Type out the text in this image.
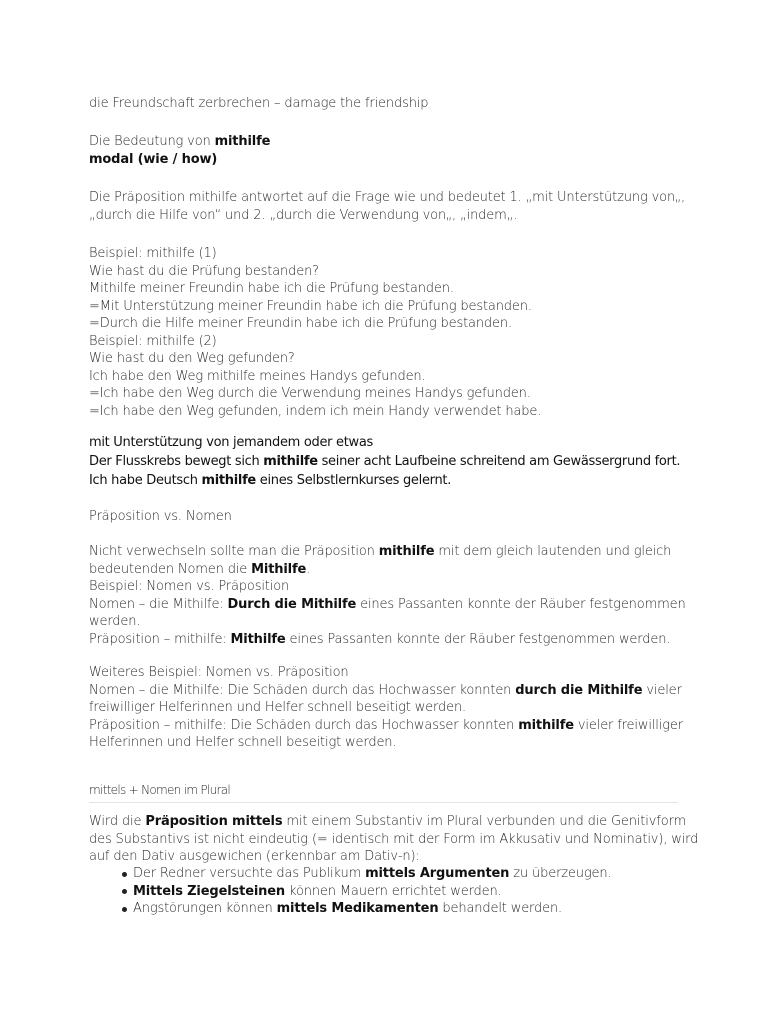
die Freundschaft zerbrechen – damage the friendship
Die Bedeutung von mithilfe
modal (wie / how)
Die Präposition mithilfe antwortet auf die Frage wie und bedeutet 1. „mit Unterstützung von„,
„durch die Hilfe von“ und 2. „durch die Verwendung von„, „indem„.
Beispiel: mithilfe (1)
Wie hast du die Prüfung bestanden?
Mithilfe meiner Freundin habe ich die Prüfung bestanden.
=Mit Unterstützung meiner Freundin habe ich die Prüfung bestanden.
=Durch die Hilfe meiner Freundin habe ich die Prüfung bestanden.
Beispiel: mithilfe (2)
Wie hast du den Weg gefunden?
Ich habe den Weg mithilfe meines Handys gefunden.
=Ich habe den Weg durch die Verwendung meines Handys gefunden.
=Ich habe den Weg gefunden, indem ich mein Handy verwendet habe.
mit Unterstützung von jemandem oder etwas
Der Flusskrebs bewegt sich mithilfe seiner acht Laufbeine schreitend am Gewässergrund fort.
Ich habe Deutsch mithilfe eines Selbstlernkurses gelernt.
Präposition vs. Nomen
Nicht verwechseln sollte man die Präposition mithilfe mit dem gleich lautenden und gleich
bedeutenden Nomen die Mithilfe.
Beispiel: Nomen vs. Präposition
Nomen – die Mithilfe: Durch die Mithilfe eines Passanten konnte der Räuber festgenommen
werden.
Präposition – mithilfe: Mithilfe eines Passanten konnte der Räuber festgenommen werden.
Weiteres Beispiel: Nomen vs. Präposition
Nomen – die Mithilfe: Die Schäden durch das Hochwasser konnten durch die Mithilfe vieler
freiwilliger Helferinnen und Helfer schnell beseitigt werden.
Präposition – mithilfe: Die Schäden durch das Hochwasser konnten mithilfe vieler freiwilliger
Helferinnen und Helfer schnell beseitigt werden.
mittels + Nomen im Plural
Wird die Präposition mittels mit einem Substantiv im Plural verbunden und die Genitivform
des Substantivs ist nicht eindeutig (= identisch mit der Form im Akkusativ und Nominativ), wird
auf den Dativ ausgewichen (erkennbar am Dativ-n):
Der Redner versuchte das Publikum mittels Argumenten zu überzeugen.
Mittels Ziegelsteinen können Mauern errichtet werden.
Angstörungen können mittels Medikamenten behandelt werden.
